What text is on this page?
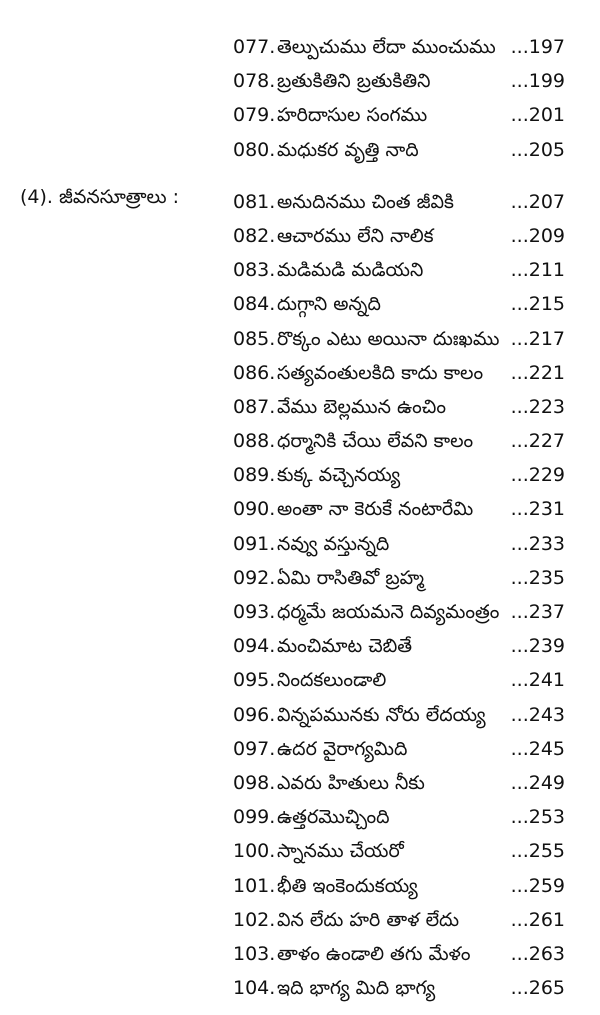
(4). జీవనసూత్రాలు :
077. తెల్పుచుము లేదా ముంచుము ...197
078. బ్రతుకితిని బ్రతుకితిని	...199
079. హరిదాసుల సంగము	...201
080. మధుకర వృత్తి నాది	...205
081. అనుదినము చింత జీవికి	...207
082. ఆచారము లేని నాలిక	...209
083. మడిమడి మడియని	...211
084. దుగ్గాని అన్నది	...215
085. రొక్కం ఎటు అయినా దుఃఖము ...217
086. సత్యవంతులకిది కాదు కాలం ...221
087. వేము బెల్లమున ఉంచిం	...223
088. ధర్మానికి చేయి లేవని కాలం ...227
089. కుక్క వచ్చెనయ్య	...229
090. అంతా నా కెరుకే నంటారేమి ...231
091. నవ్వు వస్తున్నది	...233
092. ఏమి రాసితివో బ్రహ్మ	...235
093. ధర్మమే జయమనె దివ్యమంత్రం ...237
094. మంచిమాట చెబితే	...239
095. నిందకలుండాలి	...241
096. విన్నపమునకు నోరు లేదయ్య ...243
097. ఉదర వైరాగ్యమిది	...245
098. ఎవరు హితులు నీకు	...249
099. ఉత్తరమొచ్చింది	...253
100. స్నానము చేయరో	...255
101. భీతి ఇంకెందుకయ్య	...259
102. విన లేదు హరి తాళ లేదు	...261
103. తాళం ఉండాలి తగు మేళం ...263
104. ఇది భాగ్య మిది భాగ్య	...265
